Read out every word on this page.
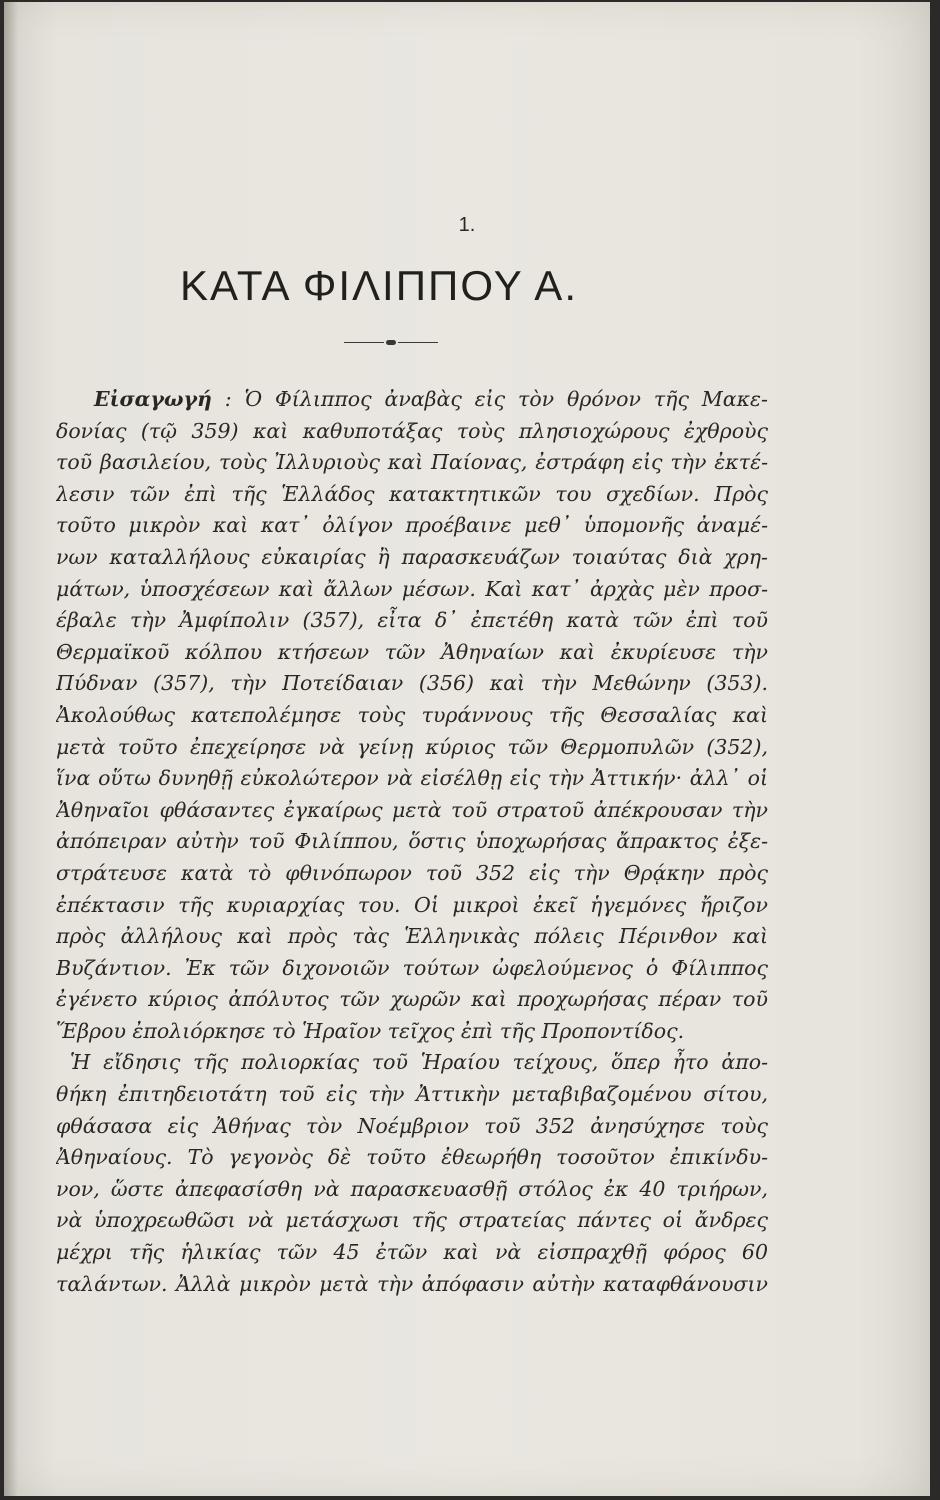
1.
ΚΑΤΑ ΦΙΛΙΠΠΟΥ Α.
Εἰσαγωγή : Ὁ Φίλιππος ἀναβὰς εἰς τὸν θρόνον τῆς Μακε-
δονίας (τῷ 359) καὶ καθυποτάξας τοὺς πλησιοχώρους ἐχθροὺς
τοῦ βασιλείου, τοὺς Ἰλλυριοὺς καὶ Παίονας, ἐστράφη εἰς τὴν ἐκτέ-
λεσιν τῶν ἐπὶ τῆς Ἑλλάδος κατακτητικῶν του σχεδίων. Πρὸς
τοῦτο μικρὸν καὶ κατ᾽ ὀλίγον προέβαινε μεθ᾽ ὑπομονῆς ἀναμέ-
νων καταλλήλους εὐκαιρίας ἢ παρασκευάζων τοιαύτας διὰ χρη-
μάτων, ὑποσχέσεων καὶ ἄλλων μέσων. Καὶ κατ᾽ ἀρχὰς μὲν προσ-
έβαλε τὴν Ἀμφίπολιν (357), εἶτα δ᾽ ἐπετέθη κατὰ τῶν ἐπὶ τοῦ
Θερμαϊκοῦ κόλπου κτήσεων τῶν Ἀθηναίων καὶ ἐκυρίευσε τὴν
Πύδναν (357), τὴν Ποτείδαιαν (356) καὶ τὴν Μεθώνην (353).
Ἀκολούθως κατεπολέμησε τοὺς τυράννους τῆς Θεσσαλίας καὶ
μετὰ τοῦτο ἐπεχείρησε νὰ γείνῃ κύριος τῶν Θερμοπυλῶν (352),
ἵνα οὕτω δυνηθῇ εὐκολώτερον νὰ εἰσέλθῃ εἰς τὴν Ἀττικήν· ἀλλ᾽ οἱ
Ἀθηναῖοι φθάσαντες ἐγκαίρως μετὰ τοῦ στρατοῦ ἀπέκρουσαν τὴν
ἀπόπειραν αὐτὴν τοῦ Φιλίππου, ὅστις ὑποχωρήσας ἄπρακτος ἐξε-
στράτευσε κατὰ τὸ φθινόπωρον τοῦ 352 εἰς τὴν Θρᾴκην πρὸς
ἐπέκτασιν τῆς κυριαρχίας του. Οἱ μικροὶ ἐκεῖ ἡγεμόνες ἤριζον
πρὸς ἀλλήλους καὶ πρὸς τὰς Ἑλληνικὰς πόλεις Πέρινθον καὶ
Βυζάντιον. Ἐκ τῶν διχονοιῶν τούτων ὠφελούμενος ὁ Φίλιππος
ἐγένετο κύριος ἀπόλυτος τῶν χωρῶν καὶ προχωρήσας πέραν τοῦ
Ἕβρου ἐπολιόρκησε τὸ Ἡραῖον τεῖχος ἐπὶ τῆς Προποντίδος.
Ἡ εἴδησις τῆς πολιορκίας τοῦ Ἡραίου τείχους, ὅπερ ἦτο ἀπο-
θήκη ἐπιτηδειοτάτη τοῦ εἰς τὴν Ἀττικὴν μεταβιβαζομένου σίτου,
φθάσασα εἰς Ἀθήνας τὸν Νοέμβριον τοῦ 352 ἀνησύχησε τοὺς
Ἀθηναίους. Τὸ γεγονὸς δὲ τοῦτο ἐθεωρήθη τοσοῦτον ἐπικίνδυ-
νον, ὥστε ἀπεφασίσθη νὰ παρασκευασθῇ στόλος ἐκ 40 τριήρων,
νὰ ὑποχρεωθῶσι νὰ μετάσχωσι τῆς στρατείας πάντες οἱ ἄνδρες
μέχρι τῆς ἡλικίας τῶν 45 ἐτῶν καὶ νὰ εἰσπραχθῇ φόρος 60
ταλάντων. Ἀλλὰ μικρὸν μετὰ τὴν ἀπόφασιν αὐτὴν καταφθάνουσιν
